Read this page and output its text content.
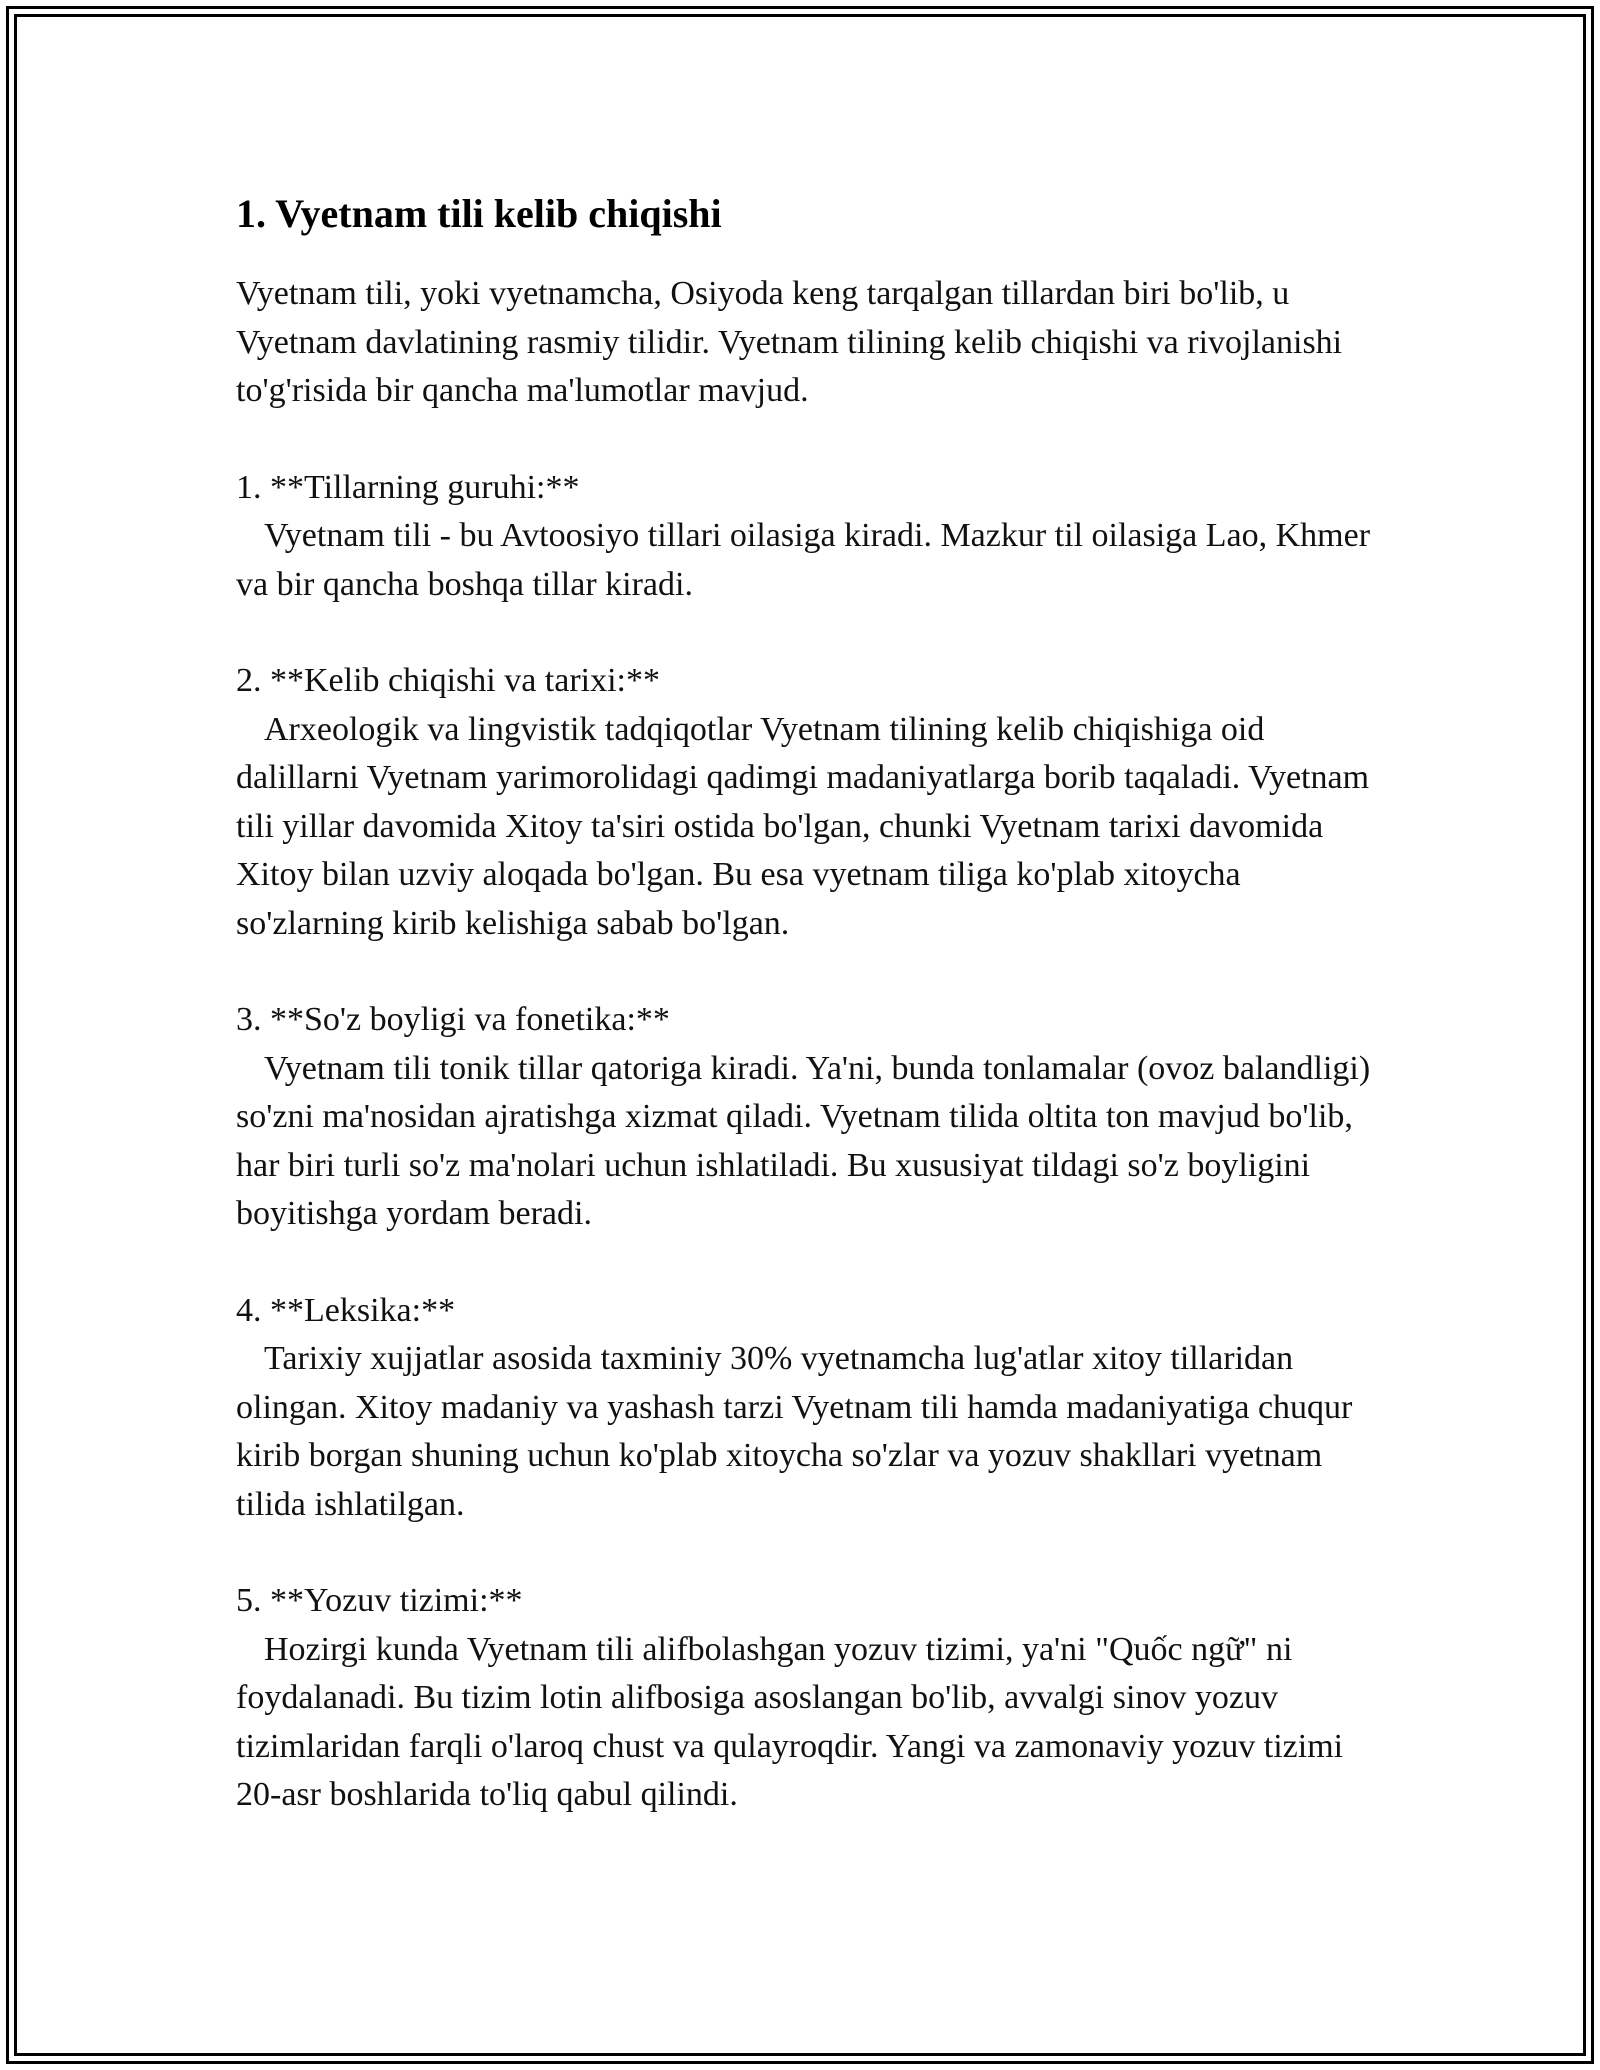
1. Vyetnam tili kelib chiqishi

Vyetnam tili, yoki vyetnamcha, Osiyoda keng tarqalgan tillardan biri bo'lib, u Vyetnam davlatining rasmiy tilidir. Vyetnam tilining kelib chiqishi va rivojlanishi to'g'risida bir qancha ma'lumotlar mavjud.

1. **Tillarning guruhi:**

Vyetnam tili - bu Avtoosiyo tillari oilasiga kiradi. Mazkur til oilasiga Lao, Khmer va bir qancha boshqa tillar kiradi.

2. **Kelib chiqishi va tarixi:**

Arxeologik va lingvistik tadqiqotlar Vyetnam tilining kelib chiqishiga oid dalillarni Vyetnam yarimorolidagi qadimgi madaniyatlarga borib taqaladi. Vyetnam tili yillar davomida Xitoy ta'siri ostida bo'lgan, chunki Vyetnam tarixi davomida Xitoy bilan uzviy aloqada bo'lgan. Bu esa vyetnam tiliga ko'plab xitoycha so'zlarning kirib kelishiga sabab bo'lgan.

3. **So'z boyligi va fonetika:**

Vyetnam tili tonik tillar qatoriga kiradi. Ya'ni, bunda tonlamalar (ovoz balandligi) so'zni ma'nosidan ajratishga xizmat qiladi. Vyetnam tilida oltita ton mavjud bo'lib, har biri turli so'z ma'nolari uchun ishlatiladi. Bu xususiyat tildagi so'z boyligini boyitishga yordam beradi.

4. **Leksika:**

Tarixiy xujjatlar asosida taxminiy 30% vyetnamcha lug'atlar xitoy tillaridan olingan. Xitoy madaniy va yashash tarzi Vyetnam tili hamda madaniyatiga chuqur kirib borgan shuning uchun ko'plab xitoycha so'zlar va yozuv shakllari vyetnam tilida ishlatilgan.

5. **Yozuv tizimi:**

Hozirgi kunda Vyetnam tili alifbolashgan yozuv tizimi, ya'ni "Quốc ngữ" ni foydalanadi. Bu tizim lotin alifbosiga asoslangan bo'lib, avvalgi sinov yozuv tizimlaridan farqli o'laroq chust va qulayroqdir. Yangi va zamonaviy yozuv tizimi 20-asr boshlarida to'liq qabul qilindi.
